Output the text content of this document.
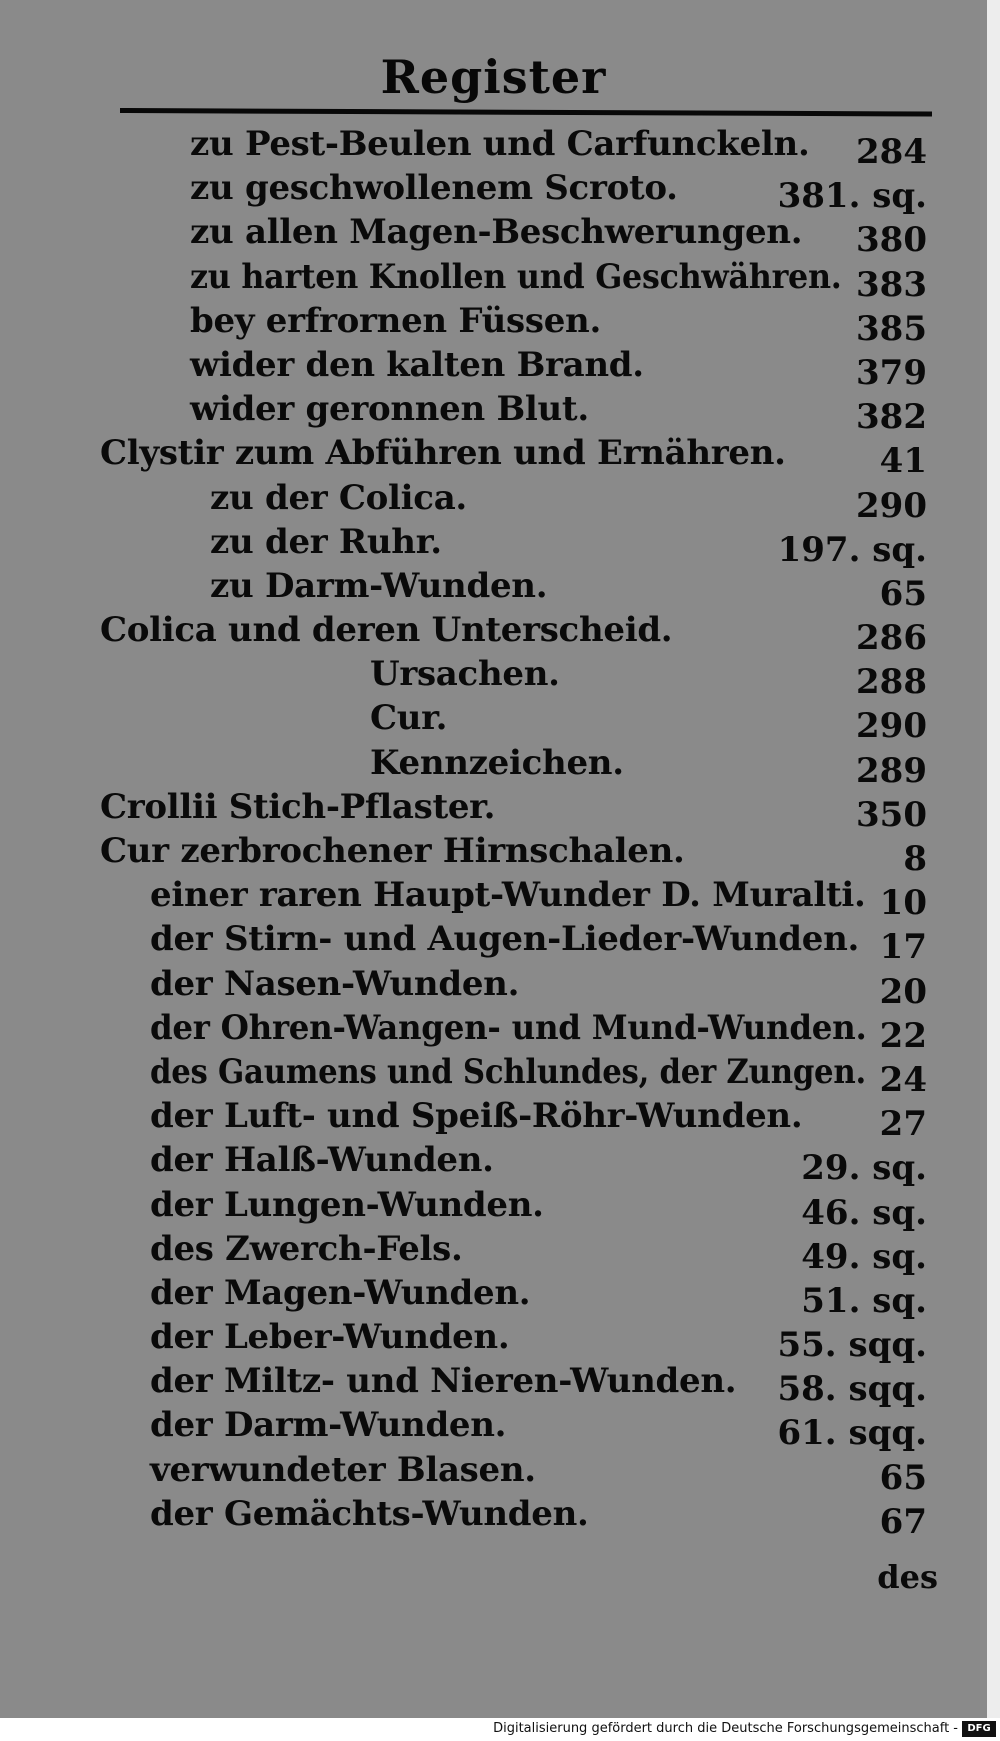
Register
zu Pest-Beulen und Carfunckeln. 284
zu geschwollenem Scroto.	381. sq.
zu allen Magen-Beschwerungen. 380
zu harten Knollen und Geschwähren. 383
bey erfrornen Füssen.	385
wider den kalten Brand.	379
wider geronnen Blut.	382
Clystir zum Abführen und Ernähren.	41
zu der Colica.	290
zu der Ruhr.	197. sq.
zu Darm-Wunden.	65
Colica und deren Unterscheid.	286
Ursachen.	288
Cur.	290
Kennzeichen.	289
Crollii Stich-Pflaster.	350
Cur zerbrochener Hirnschalen.	8
einer raren Haupt-Wunder D. Muralti. 10
der Stirn- und Augen-Lieder-Wunden. 17
der Nasen-Wunden.	20
der Ohren-Wangen- und Mund-Wunden. 22
des Gaumens und Schlundes, der Zungen. 24
der Luft- und Speiß-Röhr-Wunden. 27
der Halß-Wunden.	29. sq.
der Lungen-Wunden.	46. sq.
des Zwerch-Fels.	49. sq.
der Magen-Wunden.	51. sq.
der Leber-Wunden.	55. sqq.
der Miltz- und Nieren-Wunden. 58. sqq.
der Darm-Wunden.	61. sqq.
verwundeter Blasen.	65
der Gemächts-Wunden.	67
des
Digitalisierung gefördert durch die Deutsche Forschungsgemeinschaft - DFG
